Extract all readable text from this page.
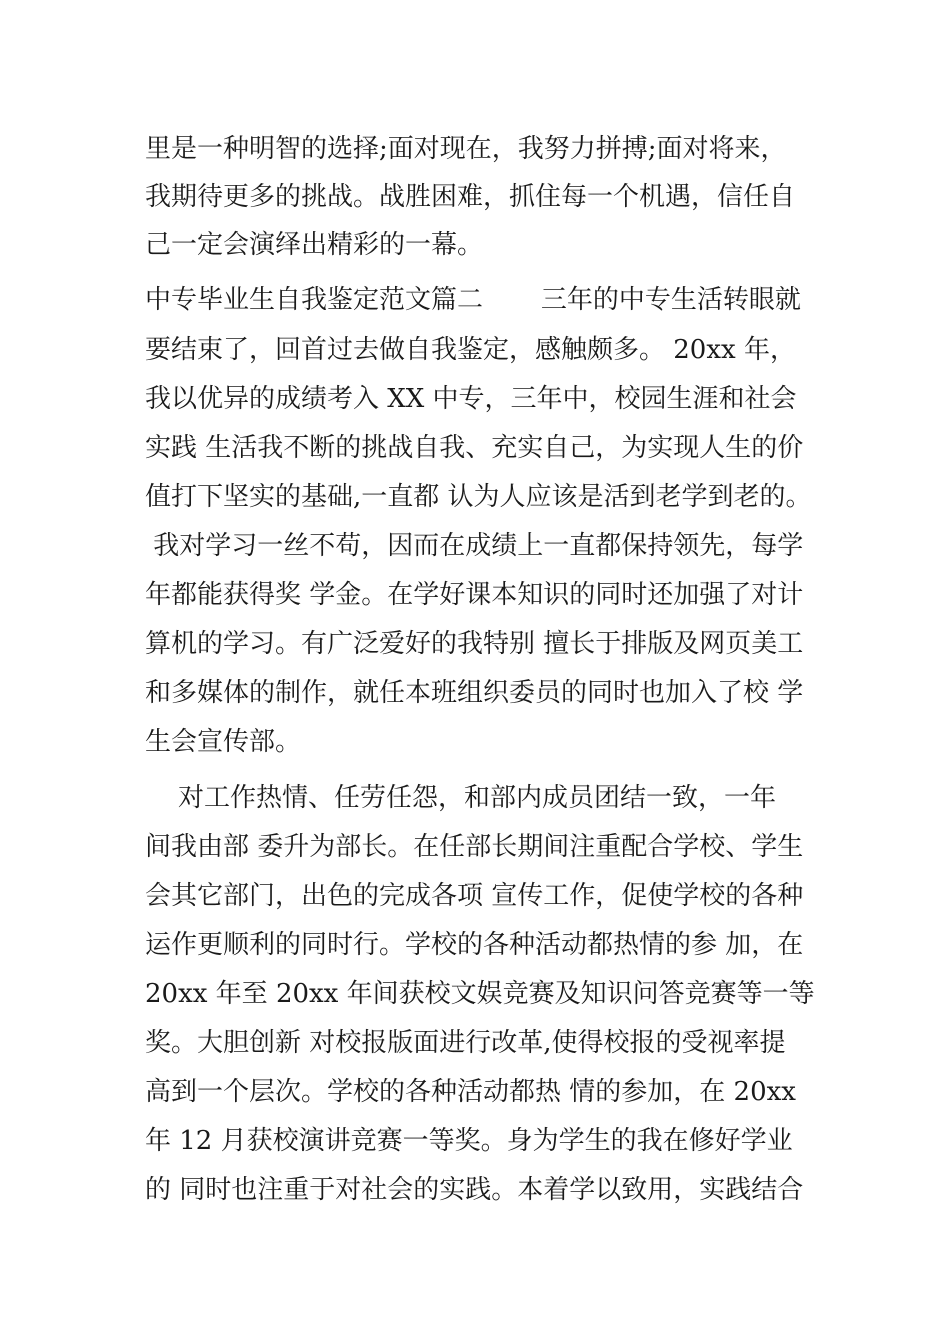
里是一种明智的选择;面对现在，我努力拼搏;面对将来，
我期待更多的挑战。战胜困难，抓住每一个机遇，信任自
己一定会演绎出精彩的一幕。
中专毕业生自我鉴定范文篇二       三年的中专生活转眼就
要结束了，回首过去做自我鉴定，感触颇多。 20xx 年，
我以优异的成绩考入 XX 中专，三年中，校园生涯和社会
实践 生活我不断的挑战自我、充实自己，为实现人生的价
值打下坚实的基础,一直都 认为人应该是活到老学到老的。
我对学习一丝不苟，因而在成绩上一直都保持领先，每学
年都能获得奖 学金。在学好课本知识的同时还加强了对计
算机的学习。有广泛爱好的我特别 擅长于排版及网页美工
和多媒体的制作，就任本班组织委员的同时也加入了校 学
生会宣传部。
对工作热情、任劳任怨，和部内成员团结一致，一年
间我由部 委升为部长。在任部长期间注重配合学校、学生
会其它部门，出色的完成各项 宣传工作，促使学校的各种
运作更顺利的同时行。学校的各种活动都热情的参 加，在
20xx 年至 20xx 年间获校文娱竞赛及知识问答竞赛等一等
奖。大胆创新 对校报版面进行改革,使得校报的受视率提
高到一个层次。学校的各种活动都热 情的参加，在 20xx
年 12 月获校演讲竞赛一等奖。身为学生的我在修好学业
的 同时也注重于对社会的实践。本着学以致用，实践结合
